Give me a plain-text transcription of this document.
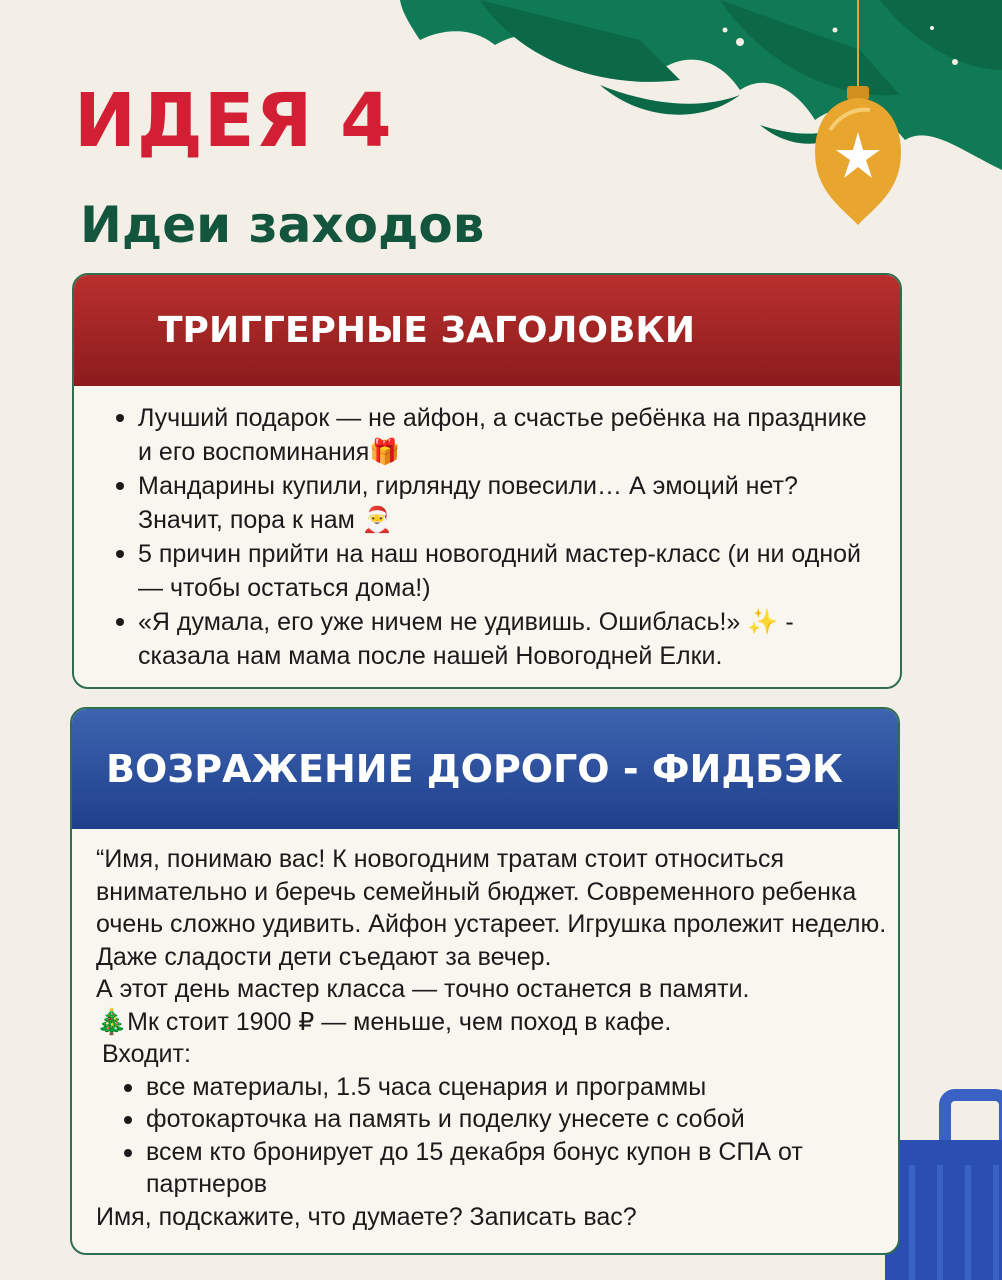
ИДЕЯ 4
Идеи заходов
ТРИГГЕРНЫЕ ЗАГОЛОВКИ
Лучший подарок — не айфон, а счастье ребёнка на празднике и его воспоминания🎁
Мандарины купили, гирлянду повесили… А эмоций нет? Значит, пора к нам 🎅
5 причин прийти на наш новогодний мастер-класс (и ни одной — чтобы остаться дома!)
«Я думала, его уже ничем не удивишь. Ошиблась!» ✨ - сказала нам мама после нашей Новогодней Елки.
ВОЗРАЖЕНИЕ ДОРОГО - ФИДБЭК

“Имя, понимаю вас! К новогодним тратам стоит относиться внимательно и беречь семейный бюджет. Современного ребенка очень сложно удивить. Айфон устареет. Игрушка пролежит неделю. Даже сладости дети съедают за вечер.

А этот день мастер класса — точно останется в памяти.

🎄Мк стоит 1900 ₽ — меньше, чем поход в кафе.

Входит:

все материалы, 1.5 часа сценария и программы
фотокарточка на память и поделку унесете с собой
всем кто бронирует до 15 декабря бонус купон в СПА от партнеров

Имя, подскажите, что думаете? Записать вас?
